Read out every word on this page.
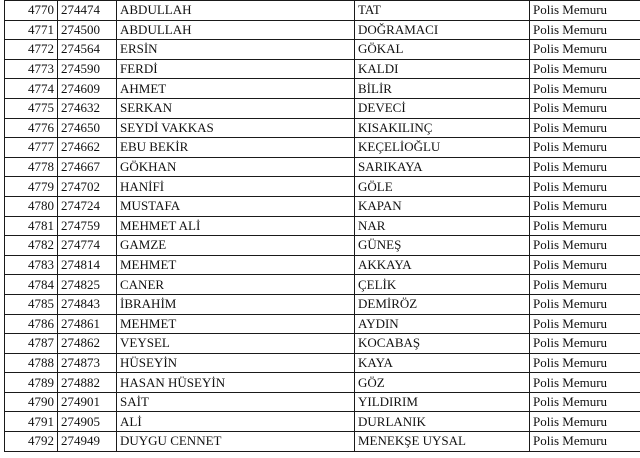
4770	274474	ABDULLAH	TAT	Polis Memuru
4771	274500	ABDULLAH	DOĞRAMACI	Polis Memuru
4772	274564	ERSİN	GÖKAL	Polis Memuru
4773	274590	FERDİ	KALDI	Polis Memuru
4774	274609	AHMET	BİLİR	Polis Memuru
4775	274632	SERKAN	DEVECİ	Polis Memuru
4776	274650	SEYDİ VAKKAS	KISAKILINÇ	Polis Memuru
4777	274662	EBU BEKİR	KEÇELİOĞLU	Polis Memuru
4778	274667	GÖKHAN	SARIKAYA	Polis Memuru
4779	274702	HANİFİ	GÖLE	Polis Memuru
4780	274724	MUSTAFA	KAPAN	Polis Memuru
4781	274759	MEHMET ALİ	NAR	Polis Memuru
4782	274774	GAMZE	GÜNEŞ	Polis Memuru
4783	274814	MEHMET	AKKAYA	Polis Memuru
4784	274825	CANER	ÇELİK	Polis Memuru
4785	274843	İBRAHİM	DEMİRÖZ	Polis Memuru
4786	274861	MEHMET	AYDIN	Polis Memuru
4787	274862	VEYSEL	KOCABAŞ	Polis Memuru
4788	274873	HÜSEYİN	KAYA	Polis Memuru
4789	274882	HASAN HÜSEYİN	GÖZ	Polis Memuru
4790	274901	SAİT	YILDIRIM	Polis Memuru
4791	274905	ALİ	DURLANIK	Polis Memuru
4792	274949	DUYGU CENNET	MENEKŞE UYSAL	Polis Memuru
